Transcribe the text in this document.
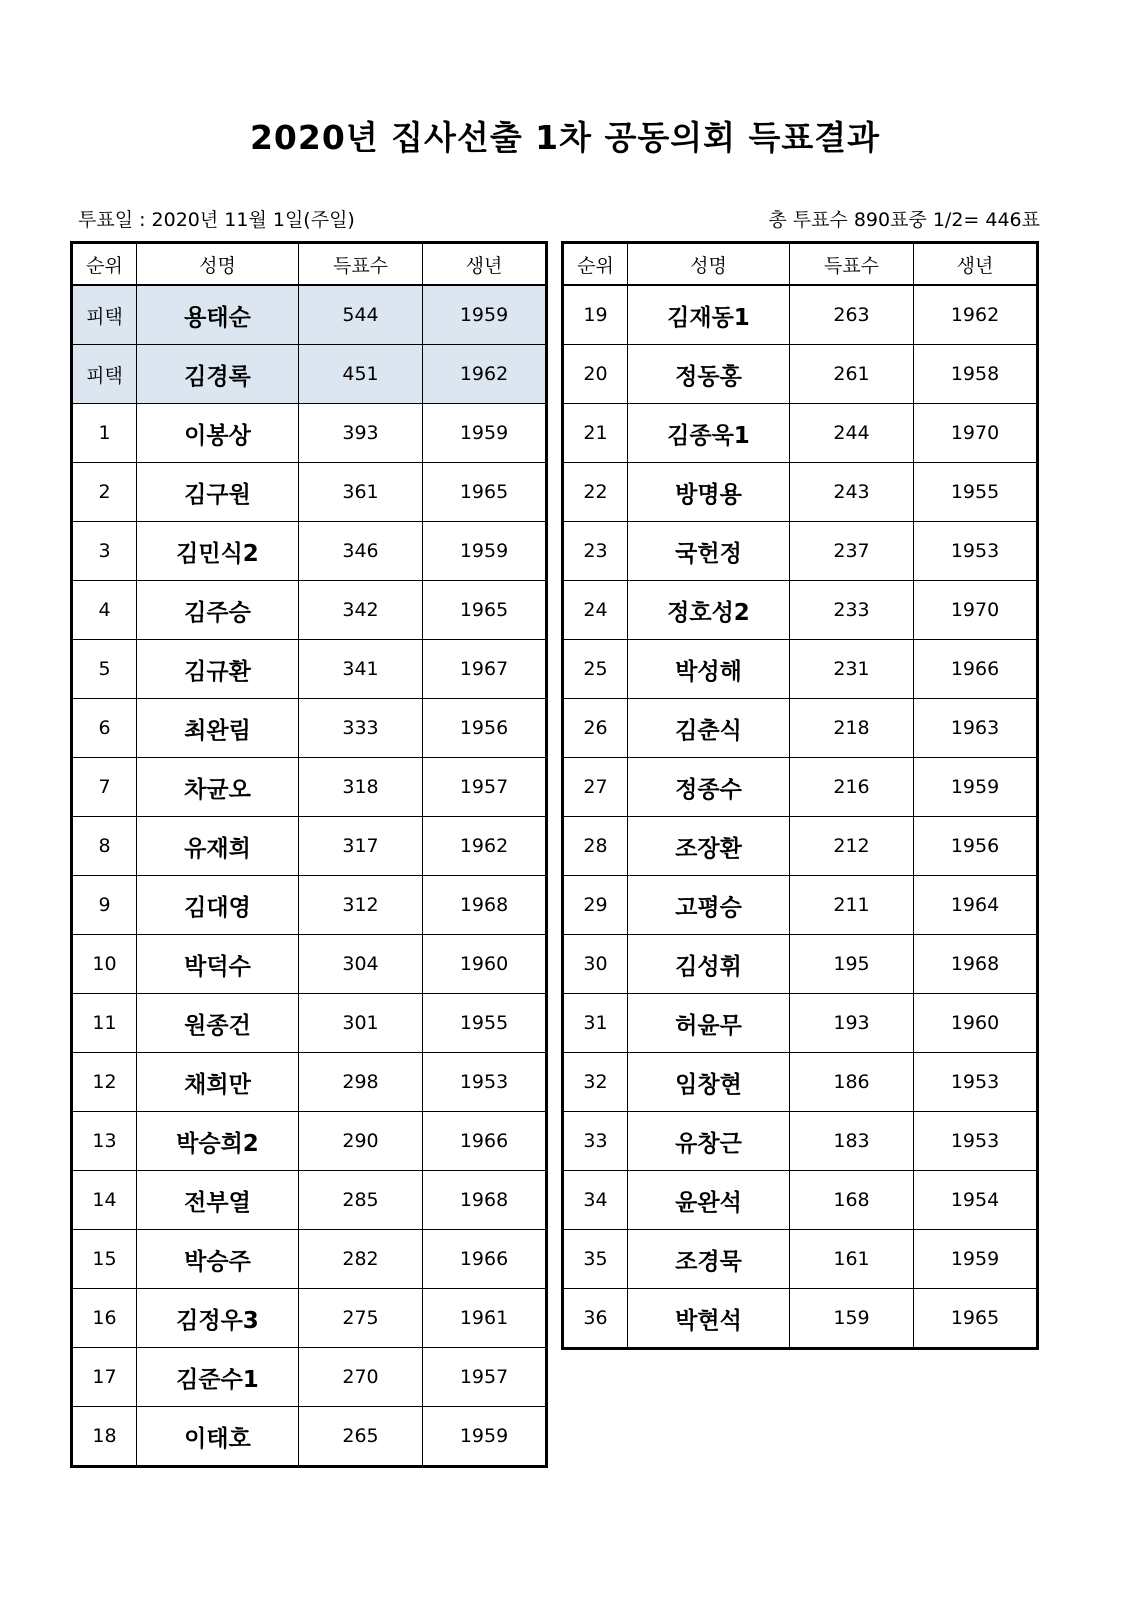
2020년 집사선출 1차 공동의회 득표결과
투표일 : 2020년 11월 1일(주일)	총 투표수 890표중 1/2= 446표
순위	성명	득표수	생년
피택	용태순	544	1959
피택	김경록	451	1962
1	이봉상	393	1959
2	김구원	361	1965
3	김민식2	346	1959
4	김주승	342	1965
5	김규환	341	1967
6	최완림	333	1956
7	차균오	318	1957
8	유재희	317	1962
9	김대영	312	1968
10	박덕수	304	1960
11	원종건	301	1955
12	채희만	298	1953
13	박승희2	290	1966
14	전부열	285	1968
15	박승주	282	1966
16	김정우3	275	1961
17	김준수1	270	1957
18	이태호	265	1959
순위	성명	득표수	생년
19	김재동1	263	1962
20	정동홍	261	1958
21	김종욱1	244	1970
22	방명용	243	1955
23	국헌정	237	1953
24	정호성2	233	1970
25	박성해	231	1966
26	김춘식	218	1963
27	정종수	216	1959
28	조장환	212	1956
29	고평승	211	1964
30	김성휘	195	1968
31	허윤무	193	1960
32	임창현	186	1953
33	유창근	183	1953
34	윤완석	168	1954
35	조경묵	161	1959
36	박현석	159	1965
